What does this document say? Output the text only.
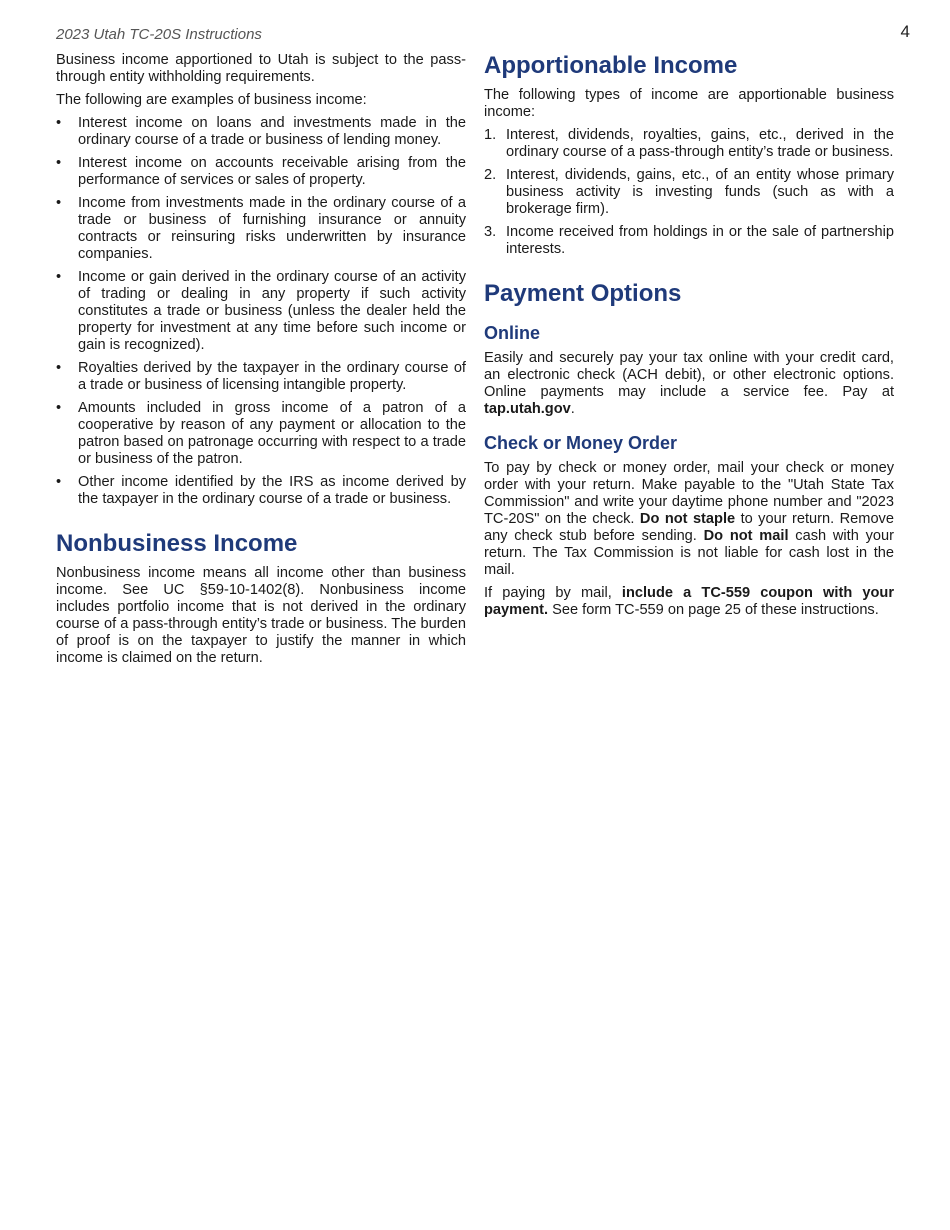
2023 Utah TC-20S Instructions	4

Business income apportioned to Utah is subject to the pass-through entity withholding requirements.

The following are examples of business income:

• Interest income on loans and investments made in the ordinary course of a trade or business of lending money.
• Interest income on accounts receivable arising from the performance of services or sales of property.
• Income from investments made in the ordinary course of a trade or business of furnishing insurance or annuity contracts or reinsuring risks underwritten by insurance companies.
• Income or gain derived in the ordinary course of an activity of trading or dealing in any property if such activity constitutes a trade or business (unless the dealer held the property for investment at any time before such income or gain is recognized).
• Royalties derived by the taxpayer in the ordinary course of a trade or business of licensing intangible property.
• Amounts included in gross income of a patron of a cooperative by reason of any payment or allocation to the patron based on patronage occurring with respect to a trade or business of the patron.
• Other income identified by the IRS as income derived by the taxpayer in the ordinary course of a trade or business.
Nonbusiness Income

Nonbusiness income means all income other than business income. See UC §59-10-1402(8). Nonbusiness income includes portfolio income that is not derived in the ordinary course of a pass-through entity’s trade or business. The burden of proof is on the taxpayer to justify the manner in which income is claimed on the return.

Apportionable Income

The following types of income are apportionable business income:

1. Interest, dividends, royalties, gains, etc., derived in the ordinary course of a pass-through entity’s trade or business.
2. Interest, dividends, gains, etc., of an entity whose primary business activity is investing funds (such as with a brokerage firm).
3. Income received from holdings in or the sale of partnership interests.
Payment Options
Online

Easily and securely pay your tax online with your credit card, an electronic check (ACH debit), or other electronic options. Online payments may include a service fee. Pay at tap.utah.gov.

Check or Money Order

To pay by check or money order, mail your check or money order with your return. Make payable to the "Utah State Tax Commission" and write your daytime phone number and "2023 TC-20S" on the check. Do not staple to your return. Remove any check stub before sending. Do not mail cash with your return. The Tax Commission is not liable for cash lost in the mail.

If paying by mail, include a TC-559 coupon with your payment. See form TC-559 on page 25 of these instructions.
